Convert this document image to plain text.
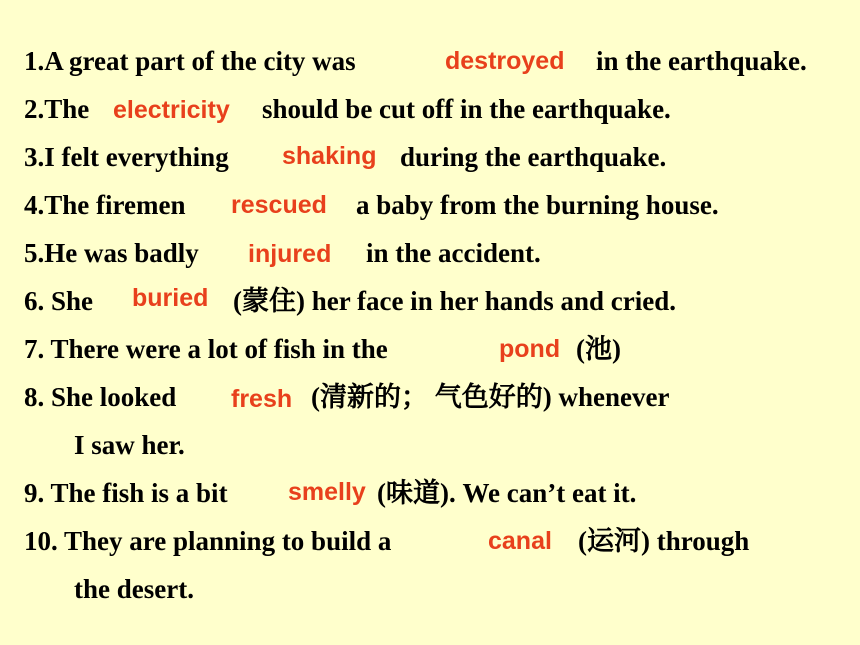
1.A great part of the city was	destroyed in the earthquake.
2.The electricity should be cut off in the earthquake.
3.I felt everything shaking during the earthquake.
4.The firemen rescued a baby from the burning house.
5.He was badly injured in the accident.
6. She buried (蒙住) her face in her hands and cried.
7. There were a lot of fish in the	pond (池)
8. She looked fresh (清新的； 气色好的) whenever
I saw her.
9. The fish is a bit smelly (味道). We can’t eat it.
10. They are planning to build a	canal (运河) through
the desert.
